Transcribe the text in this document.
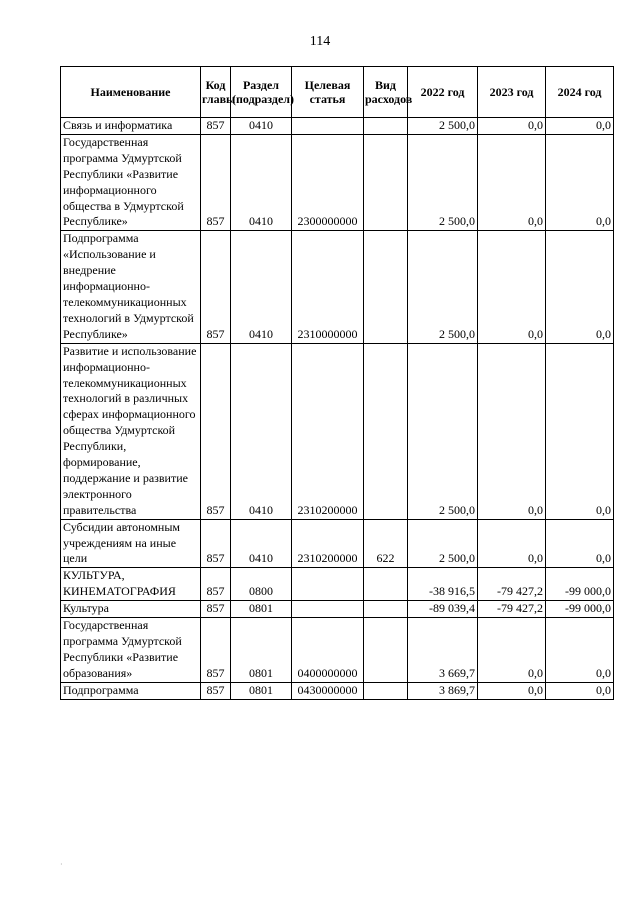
114
Наименование	Код главы	Раздел (подраздел)	Целевая статья	Вид расходов	2022 год	2023 год	2024 год
Связь и информатика	857	0410			2 500,0	0,0	0,0
Государственная программа Удмуртской Республики «Развитие информационного общества в Удмуртской Республике»	857	0410	2300000000		2 500,0	0,0	0,0
Подпрограмма «Использование и внедрение информационно-телекоммуникационных технологий в Удмуртской Республике»	857	0410	2310000000		2 500,0	0,0	0,0
Развитие и использование информационно-телекоммуникационных технологий в различных сферах информационного общества Удмуртской Республики, формирование, поддержание и развитие электронного правительства	857	0410	2310200000		2 500,0	0,0	0,0
Субсидии автономным учреждениям на иные цели	857	0410	2310200000	622	2 500,0	0,0	0,0
КУЛЬТУРА, КИНЕМАТОГРАФИЯ	857	0800			-38 916,5	-79 427,2	-99 000,0
Культура	857	0801			-89 039,4	-79 427,2	-99 000,0
Государственная программа Удмуртской Республики «Развитие образования»	857	0801	0400000000		3 669,7	0,0	0,0
Подпрограмма	857	0801	0430000000		3 869,7	0,0	0,0
·
